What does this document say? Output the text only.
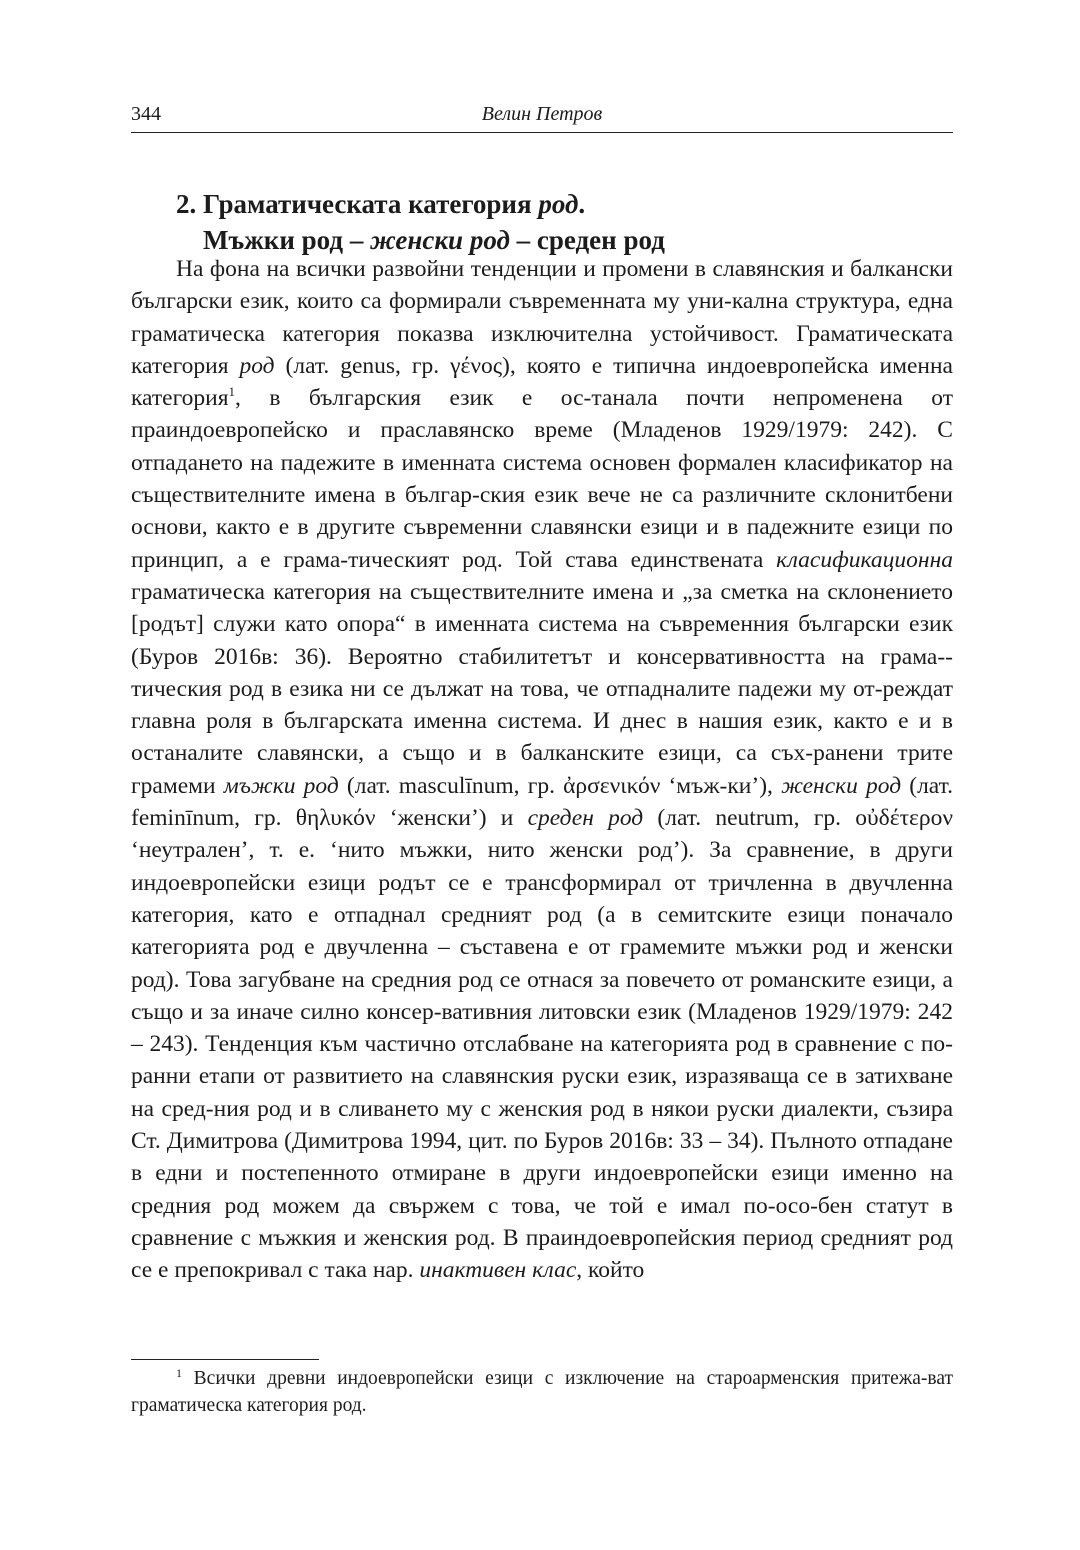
344	Велин Петров
2. Граматическата категория род.
Мъжки род – женски род – среден род

На фона на всички развойни тенденции и промени в славянския и балкански български език, които са формирали съвременната му уни-кална структура, една граматическа категория показва изключителна устойчивост. Граматическата категория род (лат. genus, гр. γένος), която е типична индоевропейска именна категория$^1$, в българския език е ос-танала почти непроменена от праиндоевропейско и праславянско време (Младенов 1929/1979: 242). С отпадането на падежите в именната система основен формален класификатор на съществителните имена в българ-ския език вече не са различните склонитбени основи, както е в другите съвременни славянски езици и в падежните езици по принцип, а е грама-тическият род. Той става единствената класификационна граматическа категория на съществителните имена и „за сметка на склонението [родът] служи като опора“ в именната система на съвременния български език (Буров 2016в: 36). Вероятно стабилитетът и консервативността на грама-тическия род в езика ни се дължат на това, че отпадналите падежи му от-реждат главна роля в българската именна система. И днес в нашия език, както е и в останалите славянски, а също и в балканските езици, са съх-ранени трите грамеми мъжки род (лат. masculīnum, гр. ἀρσενικόν ‘мъж-ки’), женски род (лат. feminīnum, гр. θηλυκόν ‘женски’) и среден род (лат. neutrum, гр. οὐδέτερον ‘неутрален’, т. е. ‘нито мъжки, нито женски род’). За сравнение, в други индоевропейски езици родът се е трансформирал от тричленна в двучленна категория, като е отпаднал средният род (а в семитските езици поначало категорията род е двучленна – съставена е от грамемите мъжки род и женски род). Това загубване на средния род се отнася за повечето от романските езици, а също и за иначе силно консер-вативния литовски език (Младенов 1929/1979: 242 – 243). Тенденция към частично отслабване на категорията род в сравнение с по-ранни етапи от развитието на славянския руски език, изразяваща се в затихване на сред-ния род и в сливането му с женския род в някои руски диалекти, съзира Ст. Димитрова (Димитрова 1994, цит. по Буров 2016в: 33 – 34). Пълното отпадане в едни и постепенното отмиране в други индоевропейски езици именно на средния род можем да свържем с това, че той е имал по-осо-бен статут в сравнение с мъжкия и женския род. В праиндоевропейския период средният род се е препокривал с така нар. инактивен клас, който

$^1$ Всички древни индоевропейски езици с изключение на староарменския притежа-ват граматическа категория род.
